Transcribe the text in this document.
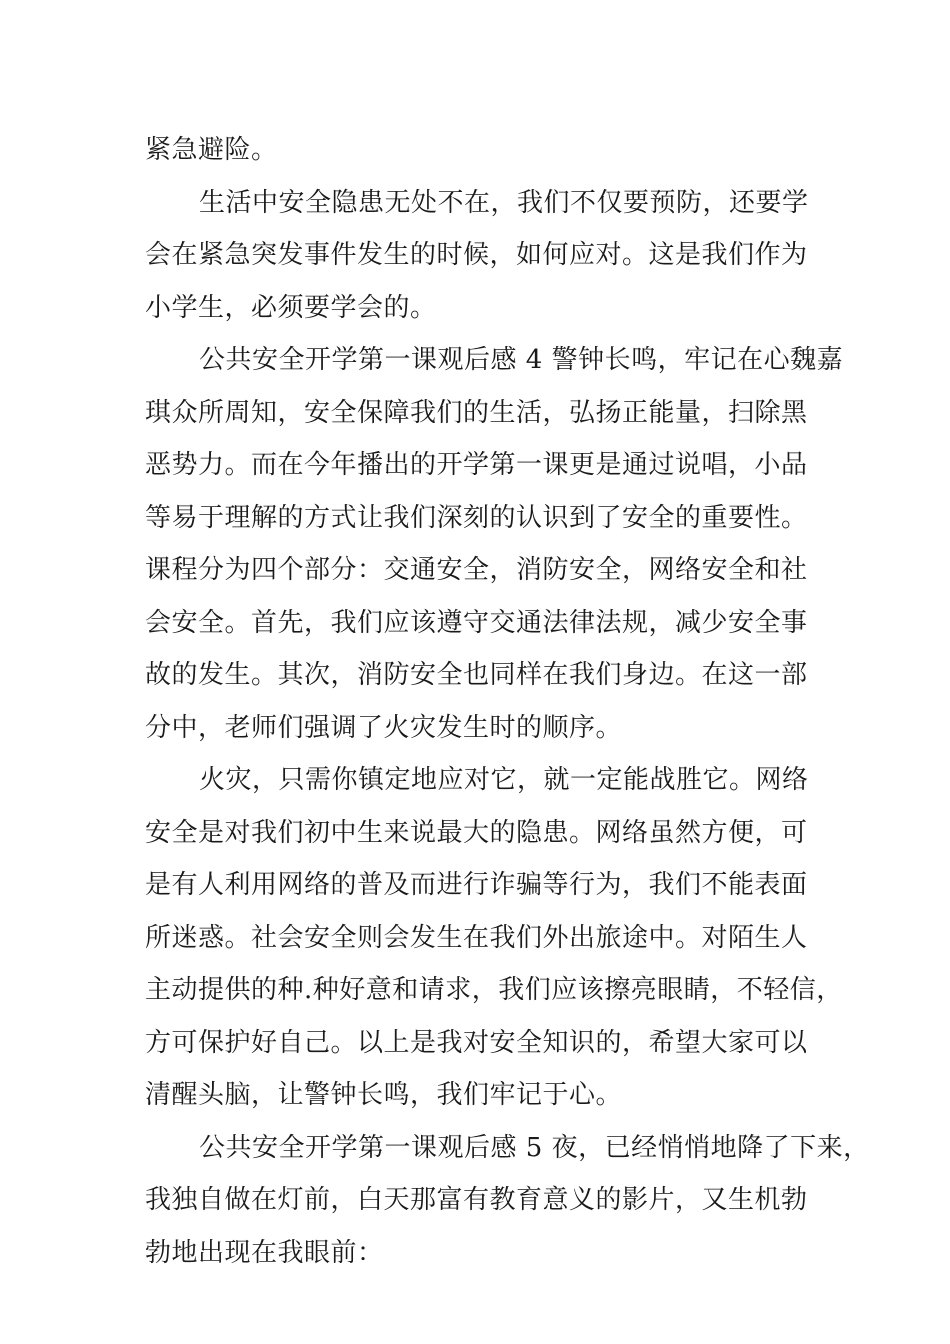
紧急避险。
生活中安全隐患无处不在，我们不仅要预防，还要学
会在紧急突发事件发生的时候，如何应对。这是我们作为
小学生，必须要学会的。
公共安全开学第一课观后感 4 警钟长鸣，牢记在心魏嘉
琪众所周知，安全保障我们的生活，弘扬正能量，扫除黑
恶势力。而在今年播出的开学第一课更是通过说唱，小品
等易于理解的方式让我们深刻的认识到了安全的重要性。
课程分为四个部分：交通安全，消防安全，网络安全和社
会安全。首先，我们应该遵守交通法律法规，减少安全事
故的发生。其次，消防安全也同样在我们身边。在这一部
分中，老师们强调了火灾发生时的顺序。
火灾，只需你镇定地应对它，就一定能战胜它。网络
安全是对我们初中生来说最大的隐患。网络虽然方便，可
是有人利用网络的普及而进行诈骗等行为，我们不能表面
所迷惑。社会安全则会发生在我们外出旅途中。对陌生人
主动提供的种.种好意和请求，我们应该擦亮眼睛，不轻信，
方可保护好自己。以上是我对安全知识的，希望大家可以
清醒头脑，让警钟长鸣，我们牢记于心。
公共安全开学第一课观后感 5 夜，已经悄悄地降了下来，
我独自做在灯前，白天那富有教育意义的影片，又生机勃
勃地出现在我眼前：
